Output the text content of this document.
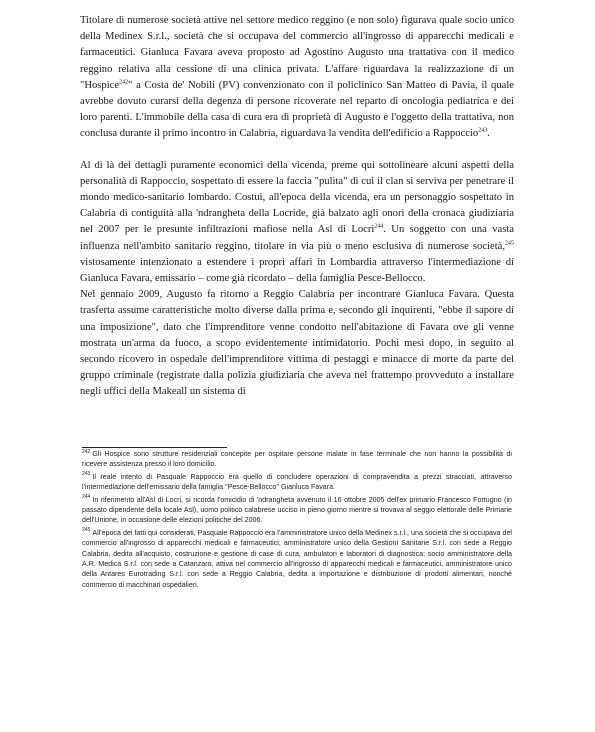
Titolare di numerose società attive nel settore medico reggino (e non solo) figurava quale socio unico della Medinex S.r.l., società che si occupava del commercio all'ingrosso di apparecchi medicali e farmaceutici. Gianluca Favara aveva proposto ad Agostino Augusto una trattativa con il medico reggino relativa alla cessione di una clinica privata. L'affare riguardava la realizzazione di un "Hospice$^{242}$" a Costa de' Nobili (PV) convenzionato con il policlinico San Matteo di Pavia, il quale avrebbe dovuto curarsi della degenza di persone ricoverate nel reparto di oncologia pediatrica e dei loro parenti. L'immobile della casa di cura era di proprietà di Augusto e l'oggetto della trattativa, non conclusa durante il primo incontro in Calabria, riguardava la vendita dell'edificio a Rappoccio$^{243}$.

Al di là dei dettagli puramente economici della vicenda, preme qui sottolineare alcuni aspetti della personalità di Rappoccio, sospettato di essere la faccia "pulita" di cui il clan si serviva per penetrare il mondo medico-sanitario lombardo. Costui, all'epoca della vicenda, era un personaggio sospettato in Calabria di contiguità alla 'ndrangheta della Locride, già balzato agli onori della cronaca giudiziaria nel 2007 per le presunte infiltrazioni mafiose nella Asl di Locri$^{244}$. Un soggetto con una vasta influenza nell'ambito sanitario reggino, titolare in via più o meno esclusiva di numerose società,$^{245}$ vistosamente intenzionato a estendere i propri affari in Lombardia attraverso l'intermediazione di Gianluca Favara, emissario – come già ricordato – della famiglia Pesce-Bellocco.

Nel gennaio 2009, Augusto fa ritorno a Reggio Calabria per incontrare Gianluca Favara. Questa trasferta assume caratteristiche molto diverse dalla prima e, secondo gli inquirenti, "ebbe il sapore di una imposizione", dato che l'imprenditore venne condotto nell'abitazione di Favara ove gli venne mostrata un'arma da fuoco, a scopo evidentemente intimidatorio. Pochi mesi dopo, in seguito al secondo ricovero in ospedale dell'imprenditore vittima di pestaggi e minacce di morte da parte del gruppo criminale (registrate dalla polizia giudiziaria che aveva nel frattempo provveduto a installare negli uffici della Makeall un sistema di

$^{242}$ Gli Hospice sono strutture residenziali concepite per ospitare persone malate in fase terminale che non hanno la possibilità di ricevere assistenza presso il loro domicilio.

$^{243}$ Il reale intento di Pasquale Rappoccio era quello di concludere operazioni di compravendita a prezzi stracciati, attraverso l'intermediazione dell'emissario della famiglia "Pesce-Bellocco" Gianluca Favara.

$^{244}$ In riferimento all'Asl di Locri, si ricorda l'omicidio di 'ndrangheta avvenuto il 16 ottobre 2005 dell'ex primario Francesco Fortugno (in passato dipendente della locale Asl), uomo politico calabrese ucciso in pieno giorno mentre si trovava al seggio elettorale delle Primarie dell'Unione, in occasione delle elezioni politiche del 2006.

$^{245}$ All'epoca dei fatti qui considerati, Pasquale Rappoccio era l'amministratore unico della Medinex s.r.l., una società che si occupava del commercio all'ingrosso di apparecchi medicali e farmaceutici; amministratore unico della Gestioni Sanitarie S.r.l. con sede a Reggio Calabria, dedita all'acquisto, costruzione e gestione di case di cura, ambulatori e laboratori di diagnostica; socio amministratore della A.R. Medica S.r.l. con sede a Catanzaro, attiva nel commercio all'ingrosso di apparecchi medicali e farmaceutici, amministratore unico della Antares Eurotrading S.r.l. con sede a Reggio Calabria, dedita a importazione e distribuzione di prodotti alimentari, nonché commercio di macchinari ospedalieri.
